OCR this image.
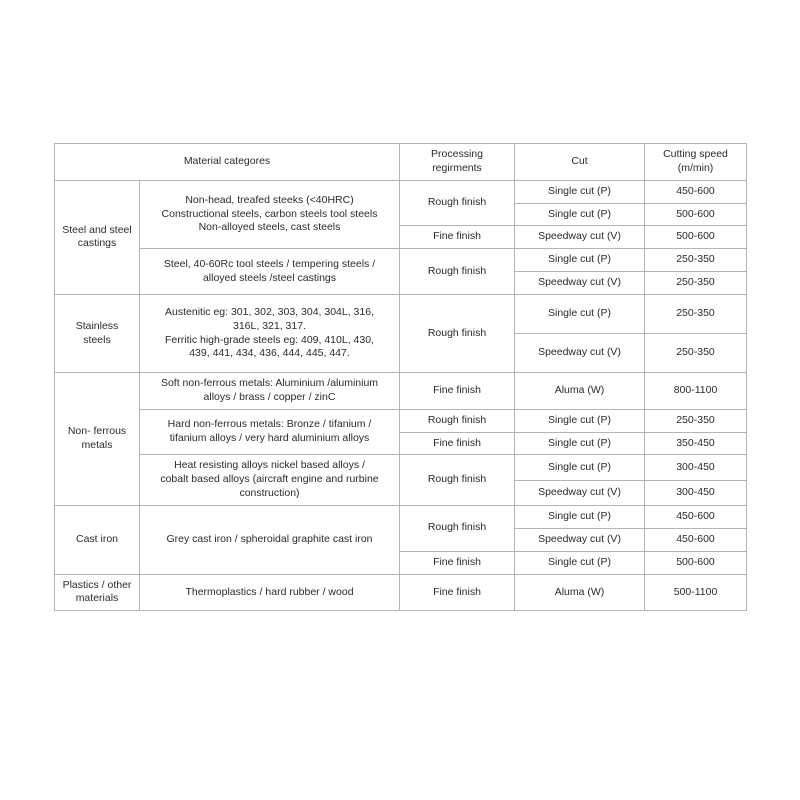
Material categores		Processing
regirments	Cut	Cutting speed
(m/min)
Steel and steel
castings	Non-head, treafed steeks (<40HRC)
Constructional steels, carbon steels tool steels
Non-alloyed steels, cast steels	Rough finish	Single cut (P)	450-600
			Single cut (P)	500-600
		Fine finish	Speedway cut (V)	500-600
	Steel, 40-60Rc tool steels / tempering steels /
alloyed steels /steel castings	Rough finish	Single cut (P)	250-350
			Speedway cut (V)	250-350
Stainless
steels	Austenitic eg: 301, 302, 303, 304, 304L, 316,
316L, 321, 317.
Ferritic high-grade steels eg: 409, 410L, 430,
439, 441, 434, 436, 444, 445, 447.	Rough finish	Single cut (P)	250-350
			Speedway cut (V)	250-350
Non- ferrous
metals	Soft non-ferrous metals: Aluminium /aluminium
alloys / brass / copper / zinC	Fine finish	Aluma (W)	800-1100
	Hard non-ferrous metals: Bronze / tifanium /
tifanium alloys / very hard aluminium alloys	Rough finish	Single cut (P)	250-350
		Fine finish	Single cut (P)	350-450
	Heat resisting alloys nickel based alloys /
cobalt based alloys (aircraft engine and rurbine
construction)	Rough finish	Single cut (P)	300-450
			Speedway cut (V)	300-450
Cast iron	Grey cast iron / spheroidal graphite cast iron	Rough finish	Single cut (P)	450-600
			Speedway cut (V)	450-600
		Fine finish	Single cut (P)	500-600
Plastics / other
materials	Thermoplastics / hard rubber / wood	Fine finish	Aluma (W)	500-1100
